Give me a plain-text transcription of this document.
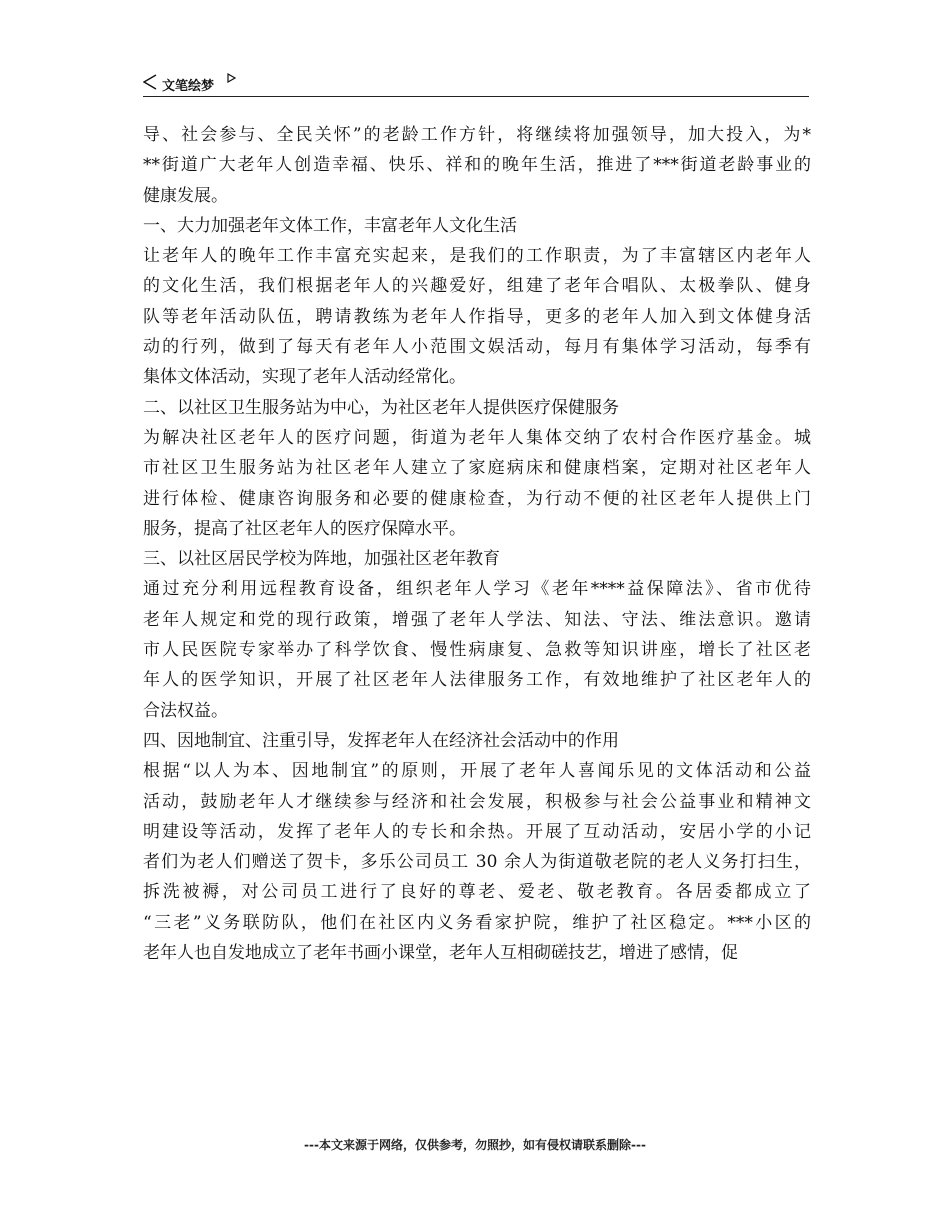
文笔绘梦
导、社会参与、全民关怀”的老龄工作方针，将继续将加强领导，加大投入，为*
**街道广大老年人创造幸福、快乐、祥和的晚年生活，推进了***街道老龄事业的
健康发展。
一、大力加强老年文体工作，丰富老年人文化生活
让老年人的晚年工作丰富充实起来，是我们的工作职责，为了丰富辖区内老年人
的文化生活，我们根据老年人的兴趣爱好，组建了老年合唱队、太极拳队、健身
队等老年活动队伍，聘请教练为老年人作指导，更多的老年人加入到文体健身活
动的行列，做到了每天有老年人小范围文娱活动，每月有集体学习活动，每季有
集体文体活动，实现了老年人活动经常化。
二、以社区卫生服务站为中心，为社区老年人提供医疗保健服务
为解决社区老年人的医疗问题，街道为老年人集体交纳了农村合作医疗基金。城
市社区卫生服务站为社区老年人建立了家庭病床和健康档案，定期对社区老年人
进行体检、健康咨询服务和必要的健康检查，为行动不便的社区老年人提供上门
服务，提高了社区老年人的医疗保障水平。
三、以社区居民学校为阵地，加强社区老年教育
通过充分利用远程教育设备，组织老年人学习《老年****益保障法》、省市优待
老年人规定和党的现行政策，增强了老年人学法、知法、守法、维法意识。邀请
市人民医院专家举办了科学饮食、慢性病康复、急救等知识讲座，增长了社区老
年人的医学知识，开展了社区老年人法律服务工作，有效地维护了社区老年人的
合法权益。
四、因地制宜、注重引导，发挥老年人在经济社会活动中的作用
根据“以人为本、因地制宜”的原则，开展了老年人喜闻乐见的文体活动和公益
活动，鼓励老年人才继续参与经济和社会发展，积极参与社会公益事业和精神文
明建设等活动，发挥了老年人的专长和余热。开展了互动活动，安居小学的小记
者们为老人们赠送了贺卡，多乐公司员工 30 余人为街道敬老院的老人义务打扫生，
拆洗被褥，对公司员工进行了良好的尊老、爱老、敬老教育。各居委都成立了
“三老”义务联防队，他们在社区内义务看家护院，维护了社区稳定。***小区的
老年人也自发地成立了老年书画小课堂，老年人互相砌磋技艺，增进了感情，促
---本文来源于网络，仅供参考，勿照抄，如有侵权请联系删除---
